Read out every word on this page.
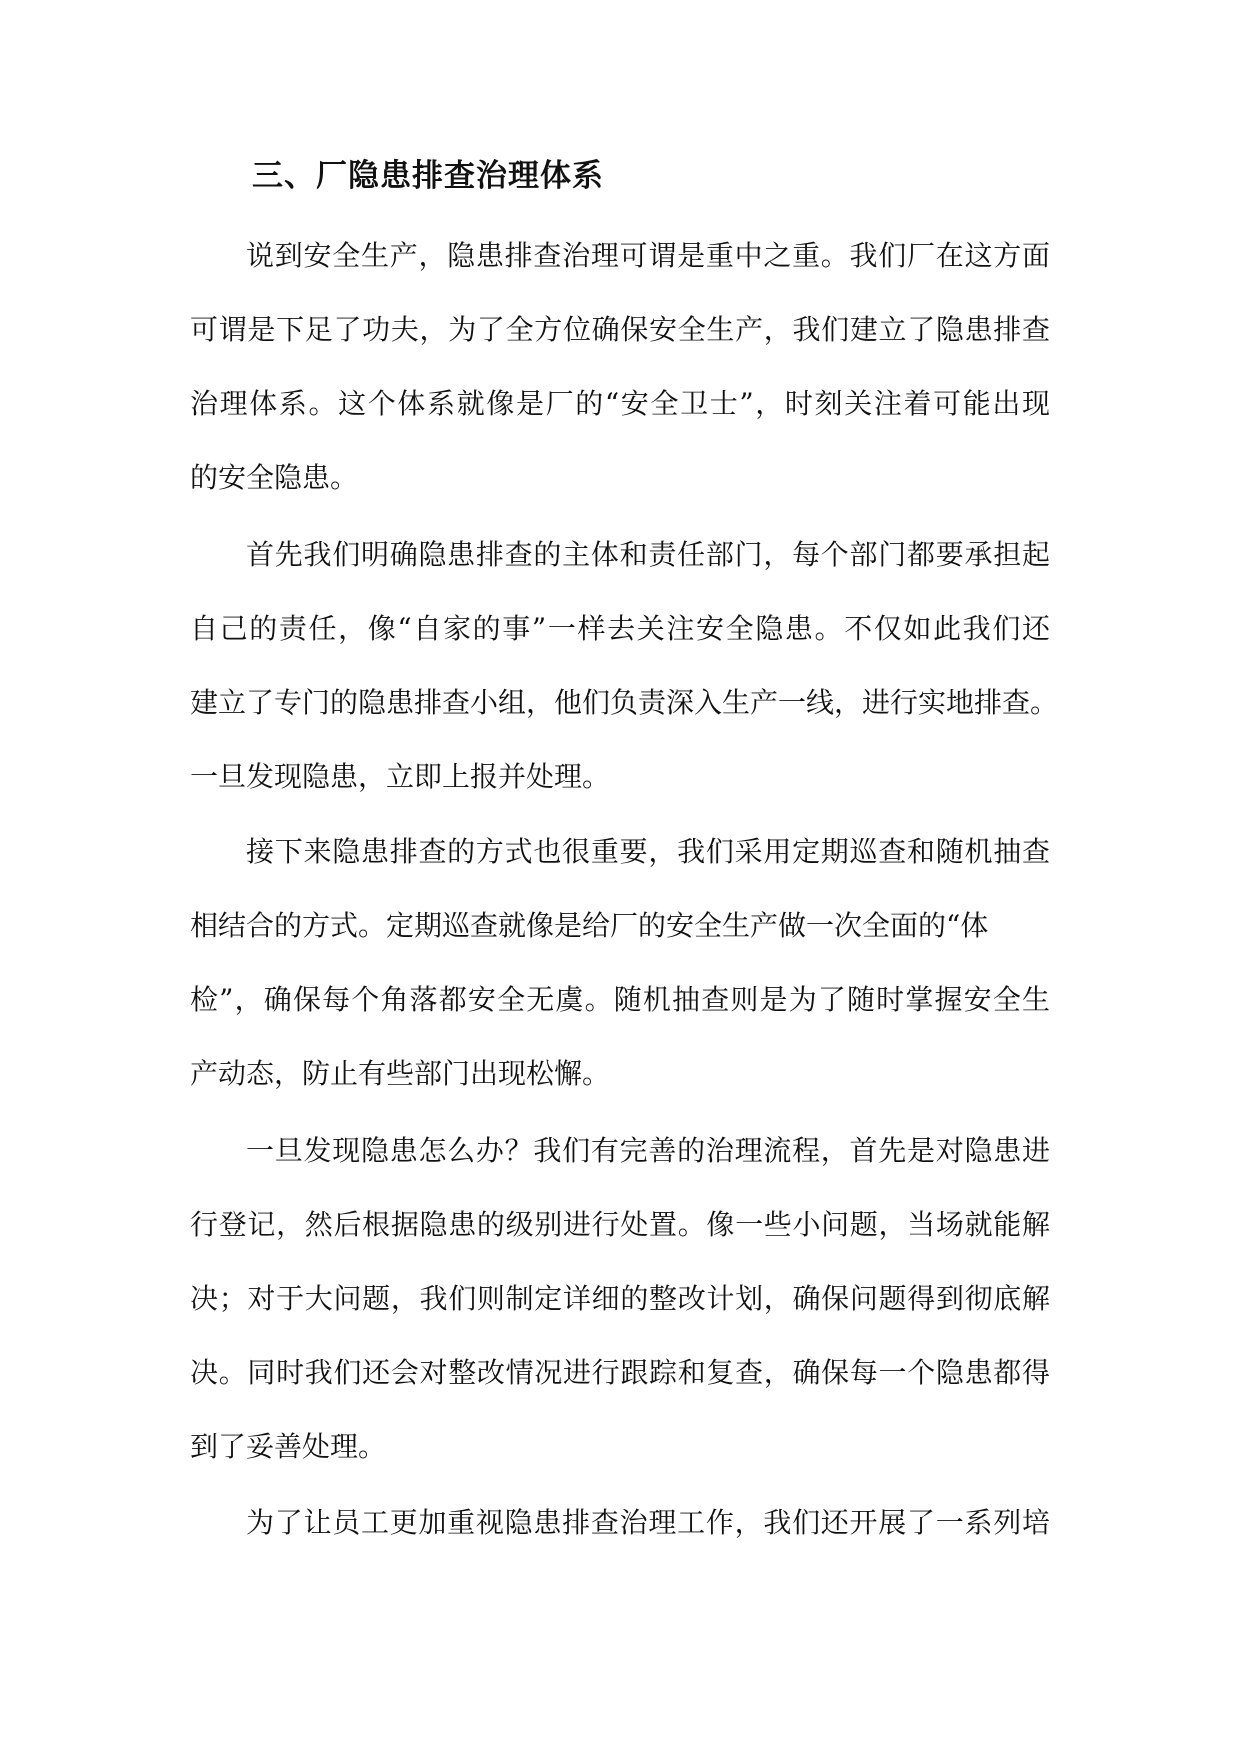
三、厂隐患排查治理体系
说到安全生产，隐患排查治理可谓是重中之重。我们厂在这方面
可谓是下足了功夫，为了全方位确保安全生产，我们建立了隐患排查
治理体系。这个体系就像是厂的“安全卫士”，时刻关注着可能出现
的安全隐患。
首先我们明确隐患排查的主体和责任部门，每个部门都要承担起
自己的责任，像“自家的事”一样去关注安全隐患。不仅如此我们还
建立了专门的隐患排查小组，他们负责深入生产一线，进行实地排查。
一旦发现隐患，立即上报并处理。
接下来隐患排查的方式也很重要，我们采用定期巡查和随机抽查
相结合的方式。定期巡查就像是给厂的安全生产做一次全面的“体
检”，确保每个角落都安全无虞。随机抽查则是为了随时掌握安全生
产动态，防止有些部门出现松懈。
一旦发现隐患怎么办？我们有完善的治理流程，首先是对隐患进
行登记，然后根据隐患的级别进行处置。像一些小问题，当场就能解
决；对于大问题，我们则制定详细的整改计划，确保问题得到彻底解
决。同时我们还会对整改情况进行跟踪和复查，确保每一个隐患都得
到了妥善处理。
为了让员工更加重视隐患排查治理工作，我们还开展了一系列培
